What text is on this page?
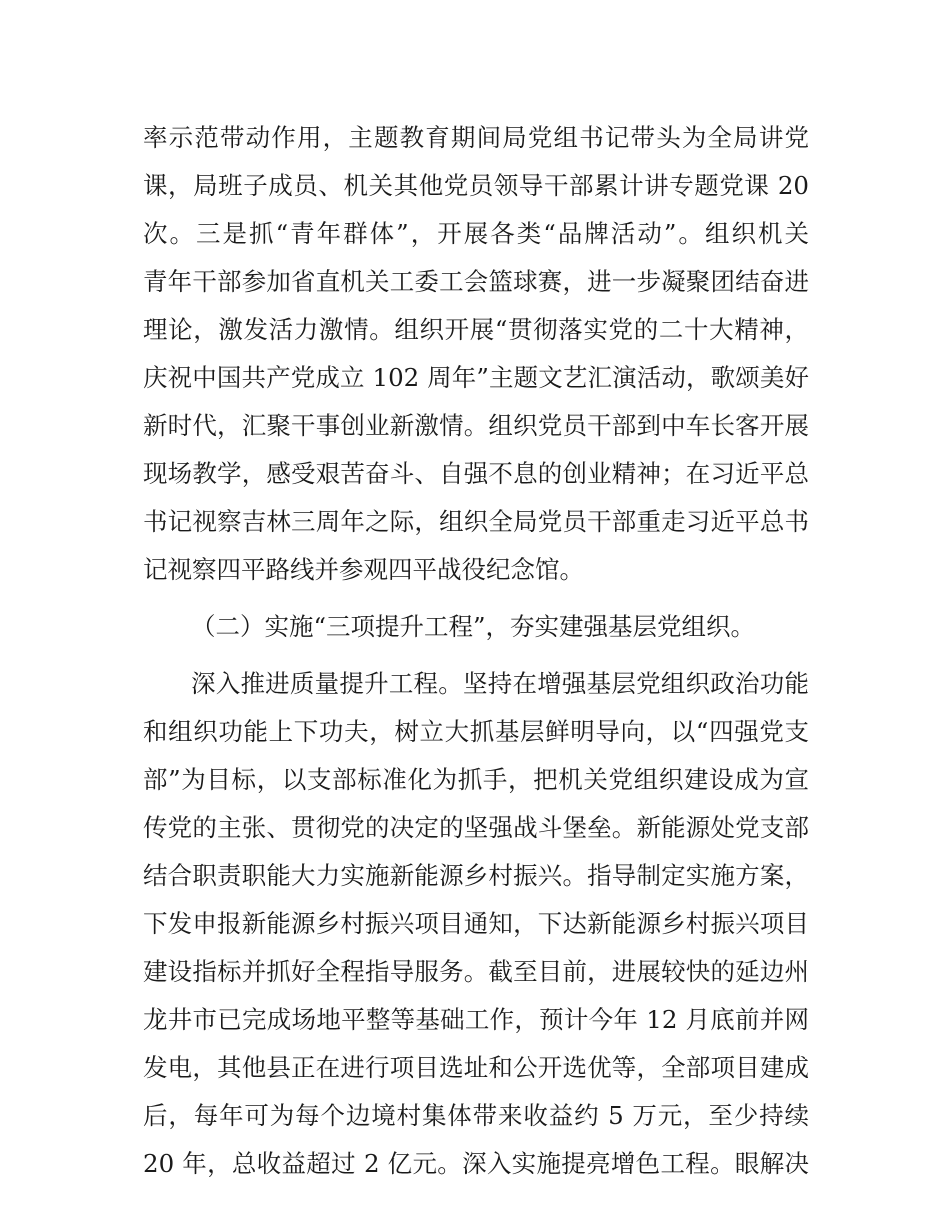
率示范带动作用，主题教育期间局党组书记带头为全局讲党
课，局班子成员、机关其他党员领导干部累计讲专题党课 20
次。三是抓“青年群体”，开展各类“品牌活动”。组织机关
青年干部参加省直机关工委工会篮球赛，进一步凝聚团结奋进
理论，激发活力激情。组织开展“贯彻落实党的二十大精神，
庆祝中国共产党成立 102 周年”主题文艺汇演活动，歌颂美好
新时代，汇聚干事创业新激情。组织党员干部到中车长客开展
现场教学，感受艰苦奋斗、自强不息的创业精神；在习近平总
书记视察吉林三周年之际，组织全局党员干部重走习近平总书
记视察四平路线并参观四平战役纪念馆。
（二）实施“三项提升工程”，夯实建强基层党组织。
深入推进质量提升工程。坚持在增强基层党组织政治功能
和组织功能上下功夫，树立大抓基层鲜明导向，以“四强党支
部”为目标，以支部标准化为抓手，把机关党组织建设成为宣
传党的主张、贯彻党的决定的坚强战斗堡垒。新能源处党支部
结合职责职能大力实施新能源乡村振兴。指导制定实施方案，
下发申报新能源乡村振兴项目通知，下达新能源乡村振兴项目
建设指标并抓好全程指导服务。截至目前，进展较快的延边州
龙井市已完成场地平整等基础工作，预计今年 12 月底前并网
发电，其他县正在进行项目选址和公开选优等，全部项目建成
后，每年可为每个边境村集体带来收益约 5 万元，至少持续
20 年，总收益超过 2 亿元。深入实施提亮增色工程。眼解决
